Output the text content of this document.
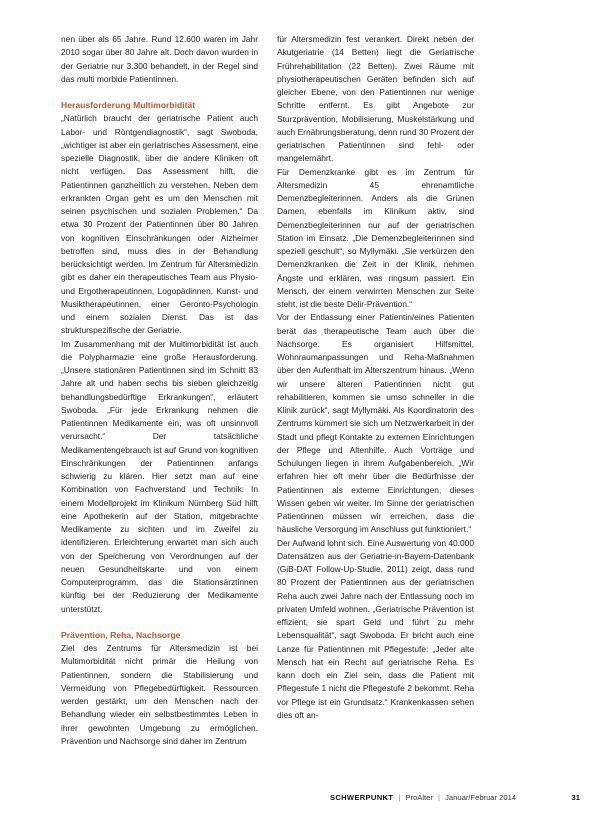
nen über als 65 Jahre. Rund 12.600 waren im Jahr 2010 sogar über 80 Jahre alt. Doch davon wurden in der Geriatrie nur 3.300 behandelt, in der Regel sind das multi morbide Patientinnen.

Herausforderung Multimorbidität

„Natürlich braucht der geriatrische Patient auch Labor- und Röntgendiagnostik“, sagt Swoboda, „wichtiger ist aber ein geriatrisches Assessment, eine spezielle Diagnostik, über die andere Kliniken oft nicht verfügen. Das Assessment hilft, die Patientinnen ganzheitlich zu verstehen. Neben dem erkrankten Organ geht es um den Menschen mit seinen psychischen und sozialen Problemen.“ Da etwa 30 Prozent der Patientinnen über 80 Jahren von kognitiven Einschränkungen oder Alzheimer betroffen sind, muss dies in der Behandlung berücksichtigt werden. Im Zentrum für Altersmedizin gibt es daher ein therapeutisches Team aus Physio- und Ergotherapeutinnen, Logopädinnen, Kunst- und Musiktherapeutinnen, einer Geronto-Psychologin und einem sozialen Dienst. Das ist das strukturspezifische der Geriatrie.

Im Zusammenhang mit der Multimorbidität ist auch die Polypharmazie eine große Herausforderung. „Unsere stationären Patientinnen sind im Schnitt 83 Jahre alt und haben sechs bis sieben gleichzeitig behandlungsbedürftige Erkrankungen“, erläutert Swoboda. „Für jede Erkrankung nehmen die Patientinnen Medikamente ein, was oft unsinnvoll verursacht.“ Der tatsächliche Medikamentengebrauch ist auf Grund von kognitiven Einschränkungen der Patientinnen anfangs schwierig zu klären. Hier setzt man auf eine Kombination von Fachverstand und Technik: In einem Modellprojekt im Klinikum Nürnberg Süd hilft eine Apothekerin auf der Station, mitgebrachte Medikamente zu sichten und im Zweifel zu identifizieren. Erleichterung erwartet man sich auch von der Speicherung von Verordnungen auf der neuen Gesundheitskarte und von einem Computerprogramm, das die Stationsärztinnen künftig bei der Reduzierung der Medikamente unterstützt.

Prävention, Reha, Nachsorge

Ziel des Zentrums für Altersmedizin ist bei Multimorbidität nicht primär die Heilung von Patientinnen, sondern die Stabilisierung und Vermeidung von Pflegebedürftigkeit. Ressourcen werden gestärkt, um den Menschen nach der Behandlung wieder ein selbstbestimmtes Leben in ihrer gewohnten Umgebung zu ermöglichen. Prävention und Nachsorge sind daher im Zentrum

für Altersmedizin fest verankert. Direkt neben der Akutgeriatrie (14 Betten) liegt die Geriatrische Frührehabilitation (22 Betten). Zwei Räume mit physiotherapeutischen Geräten befinden sich auf gleicher Ebene, von den Patientinnen nur wenige Schritte entfernt. Es gibt Angebote zur Sturzprävention, Mobilisierung, Muskelstärkung und auch Ernährungsberatung, denn rund 30 Prozent der geriatrischen Patientinnen sind fehl- oder mangelernährt.

Für Demenzkranke gibt es im Zentrum für Altersmedizin 45 ehrenamtliche Demenzbegleiterinnen. Anders als die Grünen Damen, ebenfalls im Klinikum aktiv, sind Demenzbegleiterinnen nur auf der geriatrischen Station im Einsatz. „Die Demenzbegleiterinnen sind speziell geschult“, so Myllymäki. „Sie verkürzen den Demenzkranken die Zeit in der Klinik, nehmen Ängste und erklären, was ringsum passiert. Ein Mensch, der einem verwirrten Menschen zur Seite steht, ist die beste Delir-Prävention.“

Vor der Entlassung einer Patientin/eines Patienten berät das therapeutische Team auch über die Nachsorge. Es organisiert Hilfsmittel, Wohnraumanpassungen und Reha-Maßnahmen über den Aufenthalt im Alterszentrum hinaus. „Wenn wir unsere älteren Patientinnen nicht gut rehabilitieren, kommen sie umso schneller in die Klinik zurück“, sagt Myllymäki. Als Koordinatorin des Zentrums kümmert sie sich um Netzwerkarbeit in der Stadt und pflegt Kontakte zu externen Einrichtungen der Pflege und Altenhilfe. Auch Vorträge und Schulungen liegen in ihrem Aufgabenbereich. „Wir erfahren hier oft mehr über die Bedürfnisse der Patientinnen als externe Einrichtungen, dieses Wissen geben wir weiter. Im Sinne der geriatrischen Patientinnen müssen wir erreichen, dass die häusliche Versorgung im Anschluss gut funktioniert.“

Der Aufwand lohnt sich. Eine Auswertung von 40.000 Datensätzen aus der Geriatrie-in-Bayern-Datenbank (GiB-DAT Follow-Up-Studie, 2011) zeigt, dass rund 80 Prozent der Patientinnen aus der geriatrischen Reha auch zwei Jahre nach der Entlassung noch im privaten Umfeld wohnen. „Geriatrische Prävention ist effizient, sie spart Geld und führt zu mehr Lebensqualität“, sagt Swoboda. Er bricht auch eine Lanze für Patientinnen mit Pflegestufe: „Jeder alte Mensch hat ein Recht auf geriatrische Reha. Es kann doch ein Ziel sein, dass die Patient mit Pflegestufe 1 nicht die Pflegestufe 2 bekommt. Reha vor Pflege ist ein Grundsatz.“ Krankenkassen sehen dies oft an-

SCHWERPUNKT | ProAlter | Januar/Februar 2014	31
